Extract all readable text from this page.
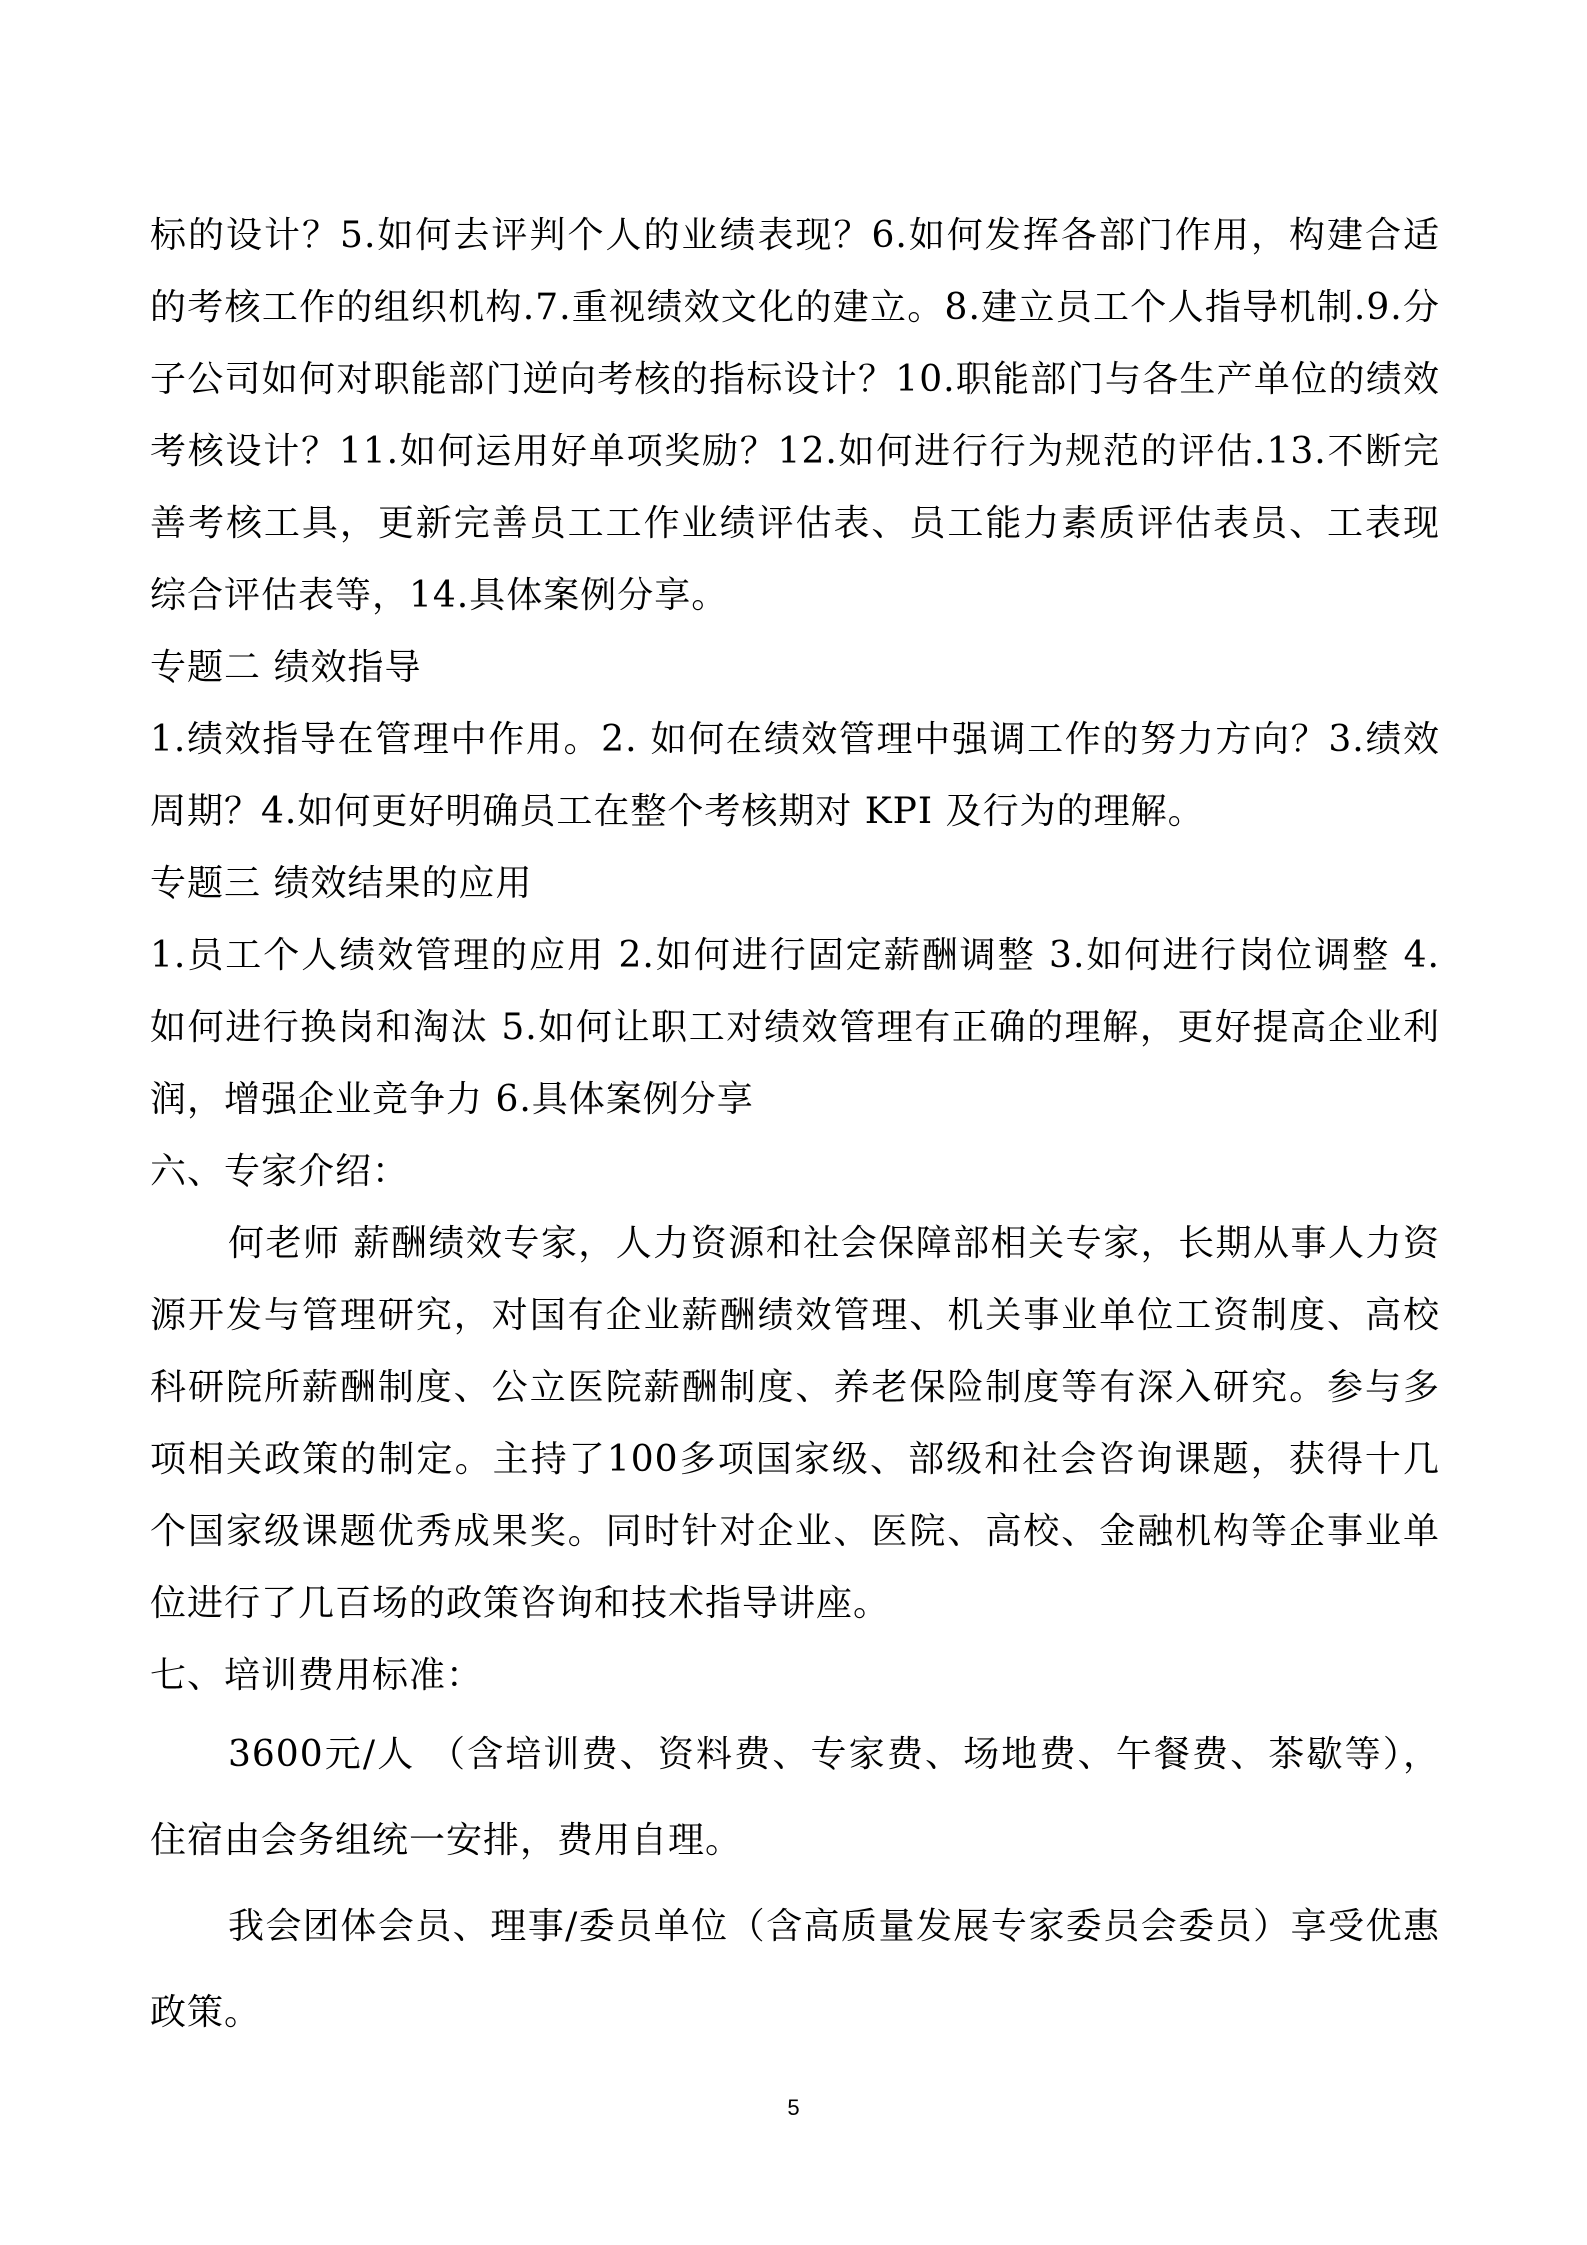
标的设计？5.如何去评判个人的业绩表现？6.如何发挥各部门作用，构建合适的考核工作的组织机构.7.重视绩效文化的建立。8.建立员工个人指导机制.9.分子公司如何对职能部门逆向考核的指标设计？10.职能部门与各生产单位的绩效考核设计？11.如何运用好单项奖励？12.如何进行行为规范的评估.13.不断完善考核工具，更新完善员工工作业绩评估表、员工能力素质评估表员、工表现综合评估表等，14.具体案例分享。

专题二 绩效指导

1.绩效指导在管理中作用。2. 如何在绩效管理中强调工作的努力方向？3.绩效周期？4.如何更好明确员工在整个考核期对 KPI 及行为的理解。

专题三 绩效结果的应用

1.员工个人绩效管理的应用 2.如何进行固定薪酬调整 3.如何进行岗位调整 4.如何进行换岗和淘汰 5.如何让职工对绩效管理有正确的理解，更好提高企业利润，增强企业竞争力 6.具体案例分享

六、专家介绍：

何老师 薪酬绩效专家，人力资源和社会保障部相关专家，长期从事人力资源开发与管理研究，对国有企业薪酬绩效管理、机关事业单位工资制度、高校科研院所薪酬制度、公立医院薪酬制度、养老保险制度等有深入研究。参与多项相关政策的制定。主持了100多项国家级、部级和社会咨询课题，获得十几个国家级课题优秀成果奖。同时针对企业、医院、高校、金融机构等企事业单位进行了几百场的政策咨询和技术指导讲座。

七、培训费用标准：

3600元/人 （含培训费、资料费、专家费、场地费、午餐费、茶歇等），住宿由会务组统一安排，费用自理。

我会团体会员、理事/委员单位（含高质量发展专家委员会委员）享受优惠政策。

5
